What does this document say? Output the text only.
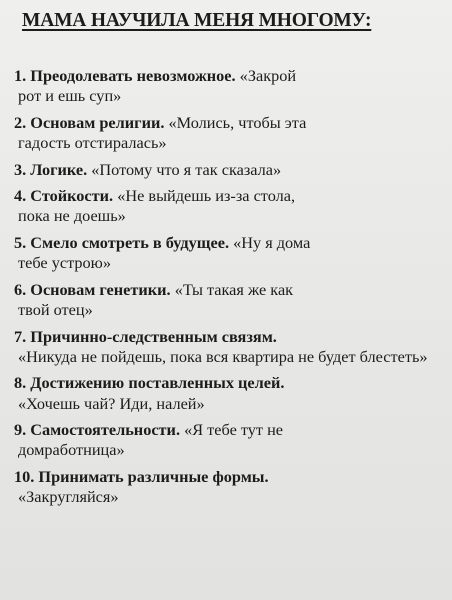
МАМА НАУЧИЛА МЕНЯ МНОГОМУ:
1. Преодолевать невозможное. «Закрой
рот и ешь суп»
2. Основам религии. «Молись, чтобы эта
гадость отстиралась»
3. Логике. «Потому что я так сказала»
4. Стойкости. «Не выйдешь из-за стола,
пока не доешь»
5. Смело смотреть в будущее. «Ну я дома
тебе устрою»
6. Основам генетики. «Ты такая же как
твой отец»
7. Причинно-следственным связям.
«Никуда не пойдешь, пока вся квартира не будет блестеть»
8. Достижению поставленных целей.
«Хочешь чай? Иди, налей»
9. Самостоятельности. «Я тебе тут не
домработница»
10. Принимать различные формы.
«Закругляйся»
